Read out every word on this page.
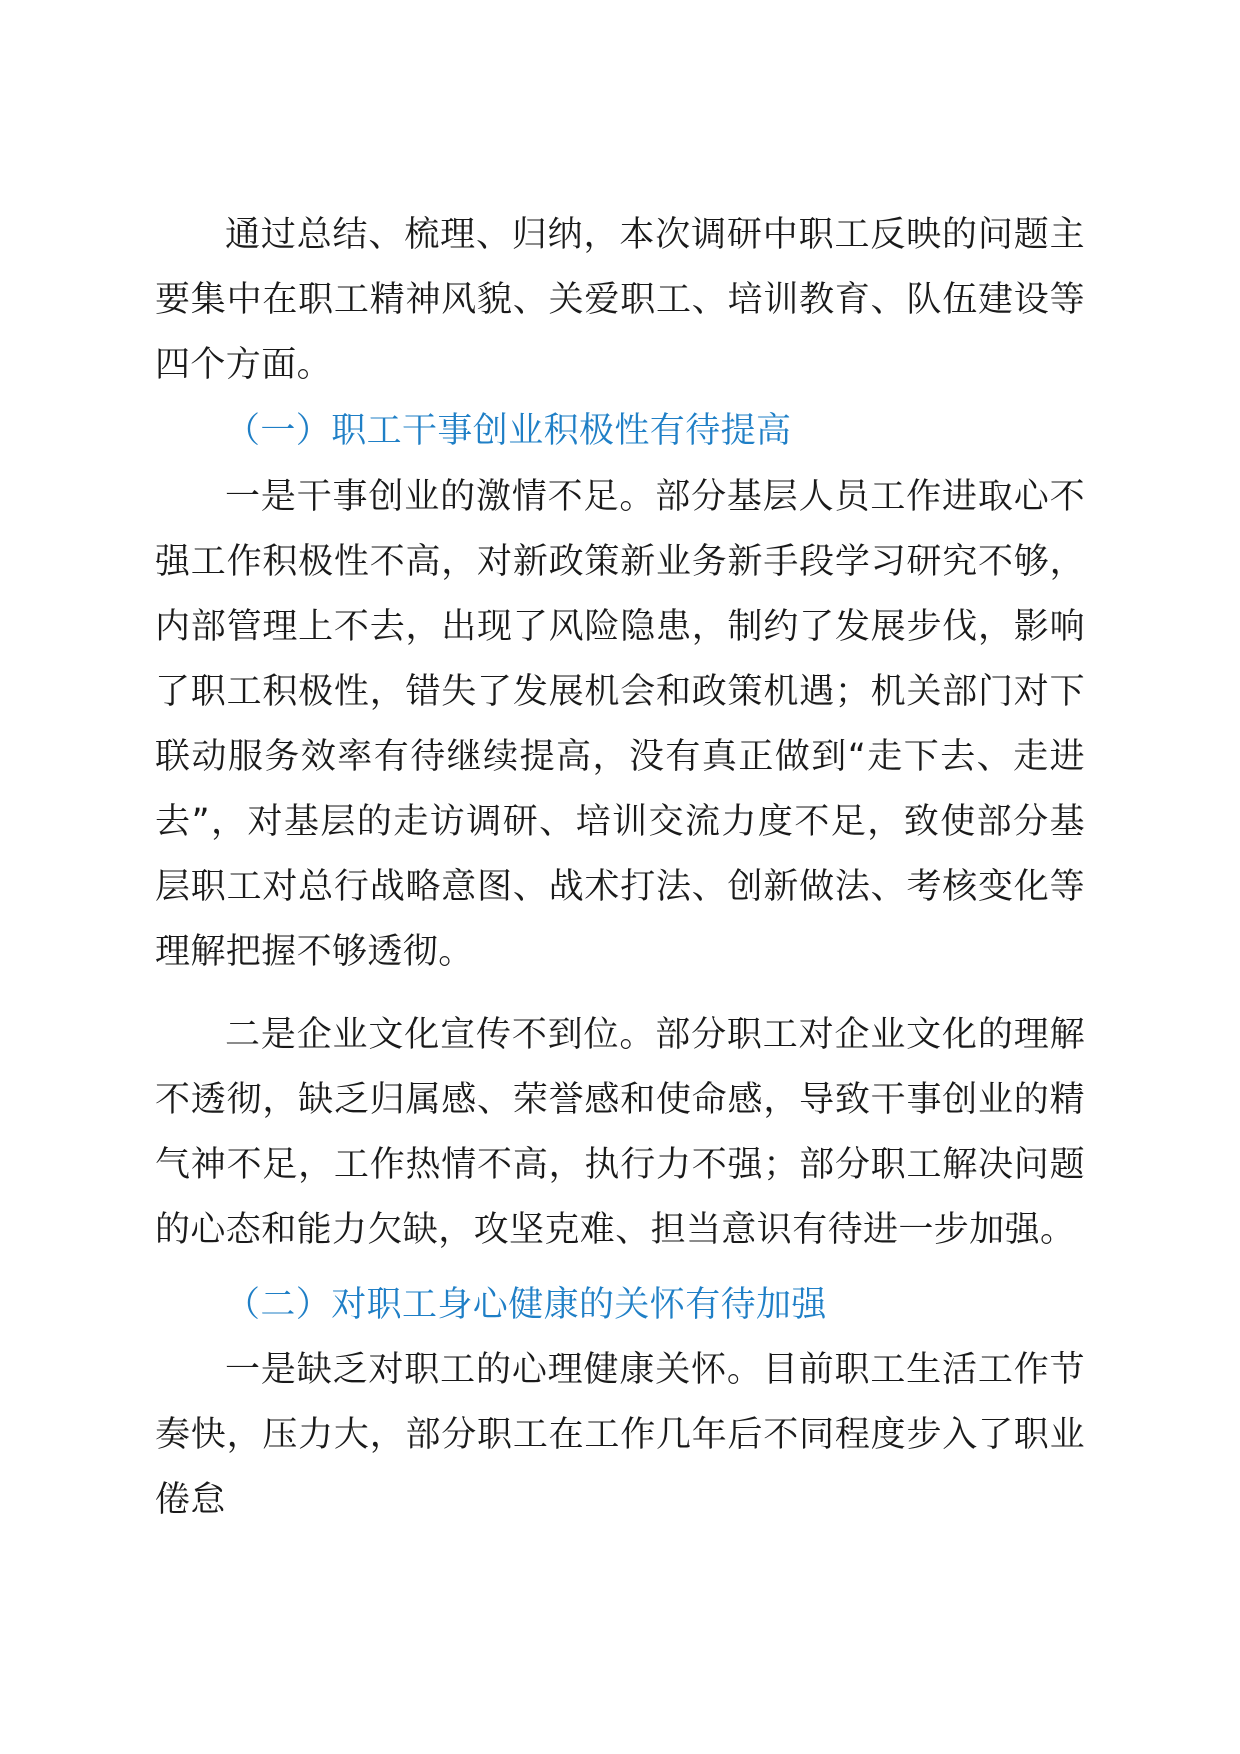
通过总结、梳理、归纳，本次调研中职工反映的问题主要集中在职工精神风貌、关爱职工、培训教育、队伍建设等四个方面。

（一）职工干事创业积极性有待提高

一是干事创业的激情不足。部分基层人员工作进取心不强工作积极性不高，对新政策新业务新手段学习研究不够，内部管理上不去，出现了风险隐患，制约了发展步伐，影响了职工积极性，错失了发展机会和政策机遇；机关部门对下联动服务效率有待继续提高，没有真正做到“走下去、走进去”，对基层的走访调研、培训交流力度不足，致使部分基层职工对总行战略意图、战术打法、创新做法、考核变化等理解把握不够透彻。

二是企业文化宣传不到位。部分职工对企业文化的理解不透彻，缺乏归属感、荣誉感和使命感，导致干事创业的精气神不足，工作热情不高，执行力不强；部分职工解决问题的心态和能力欠缺，攻坚克难、担当意识有待进一步加强。

（二）对职工身心健康的关怀有待加强

一是缺乏对职工的心理健康关怀。目前职工生活工作节奏快，压力大，部分职工在工作几年后不同程度步入了职业倦怠
